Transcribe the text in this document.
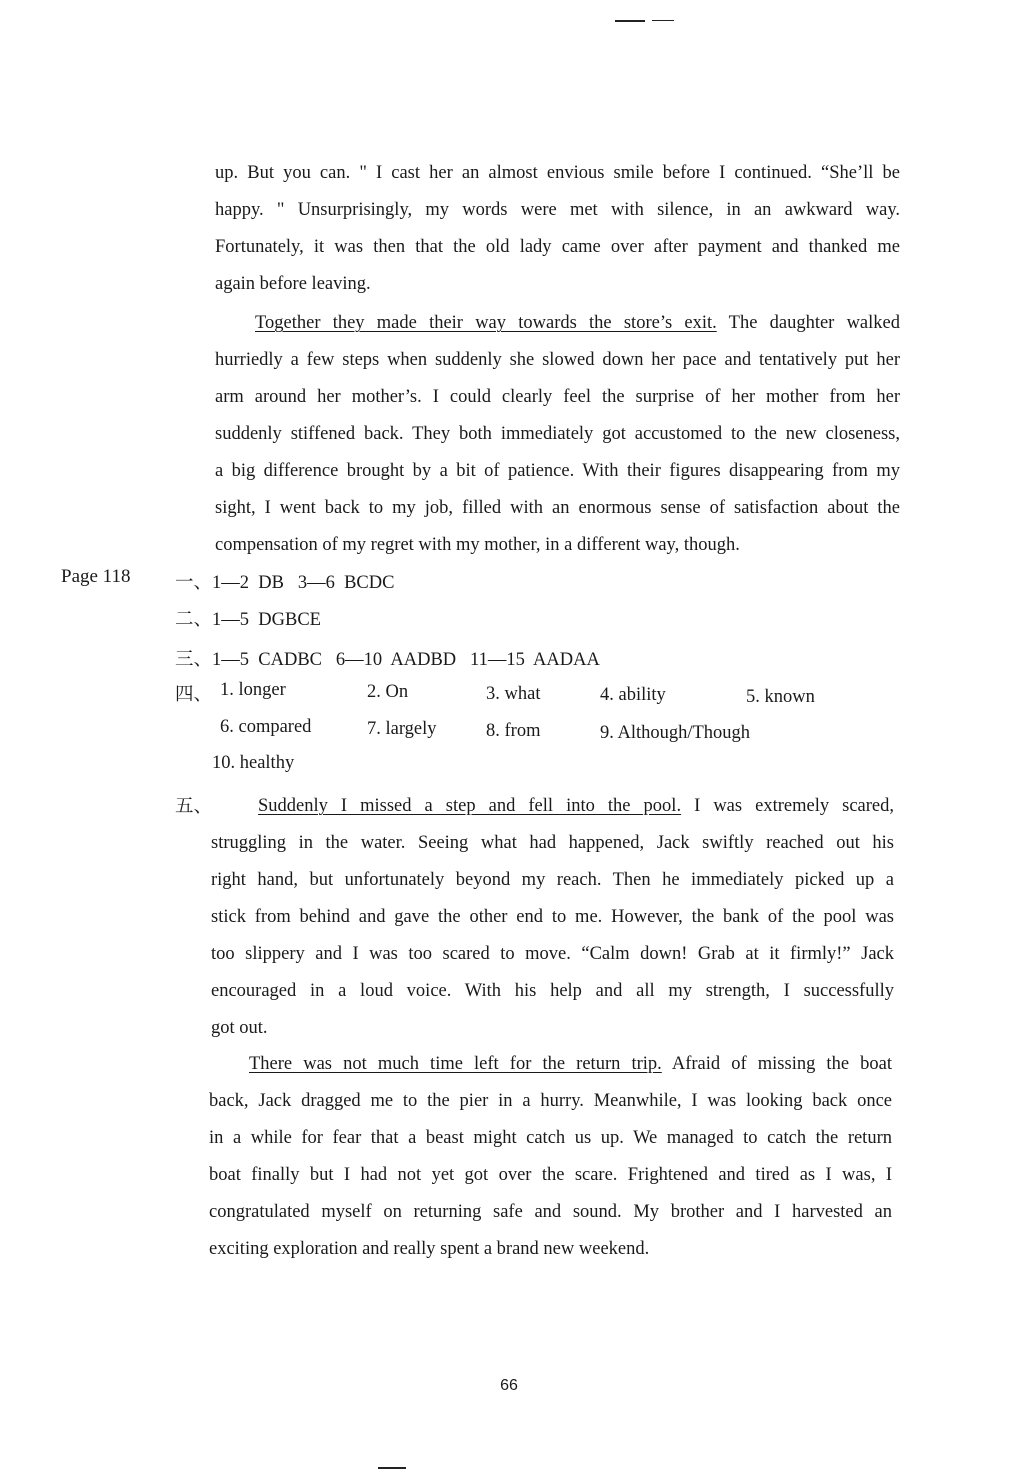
up. But you can. " I cast her an almost envious smile before I continued. “She’ll be
happy. " Unsurprisingly, my words were met with silence, in an awkward way.
Fortunately, it was then that the old lady came over after payment and thanked me
again before leaving.
Together they made their way towards the store’s exit. The daughter walked
hurriedly a few steps when suddenly she slowed down her pace and tentatively put her
arm around her mother’s. I could clearly feel the surprise of her mother from her
suddenly stiffened back. They both immediately got accustomed to the new closeness,
a big difference brought by a bit of patience. With their figures disappearing from my
sight, I went back to my job, filled with an enormous sense of satisfaction about the
compensation of my regret with my mother, in a different way, though.
Page 118 一、1—2  DB   3—6  BCDC
二、1—5  DGBCE
三、1—5  CADBC   6—10  AADBD   11—15  AADAA
四、 1. longer	2. On	3. what	4. ability	5. known
6. compared	7. largely	8. from	9. Although/Though
10. healthy
五、	Suddenly I missed a step and fell into the pool. I was extremely scared,
struggling in the water. Seeing what had happened, Jack swiftly reached out his
right hand, but unfortunately beyond my reach. Then he immediately picked up a
stick from behind and gave the other end to me. However, the bank of the pool was
too slippery and I was too scared to move. “Calm down! Grab at it firmly!” Jack
encouraged in a loud voice. With his help and all my strength, I successfully
got out.
There was not much time left for the return trip. Afraid of missing the boat
back, Jack dragged me to the pier in a hurry. Meanwhile, I was looking back once
in a while for fear that a beast might catch us up. We managed to catch the return
boat finally but I had not yet got over the scare. Frightened and tired as I was, I
congratulated myself on returning safe and sound. My brother and I harvested an
exciting exploration and really spent a brand new weekend.
66
